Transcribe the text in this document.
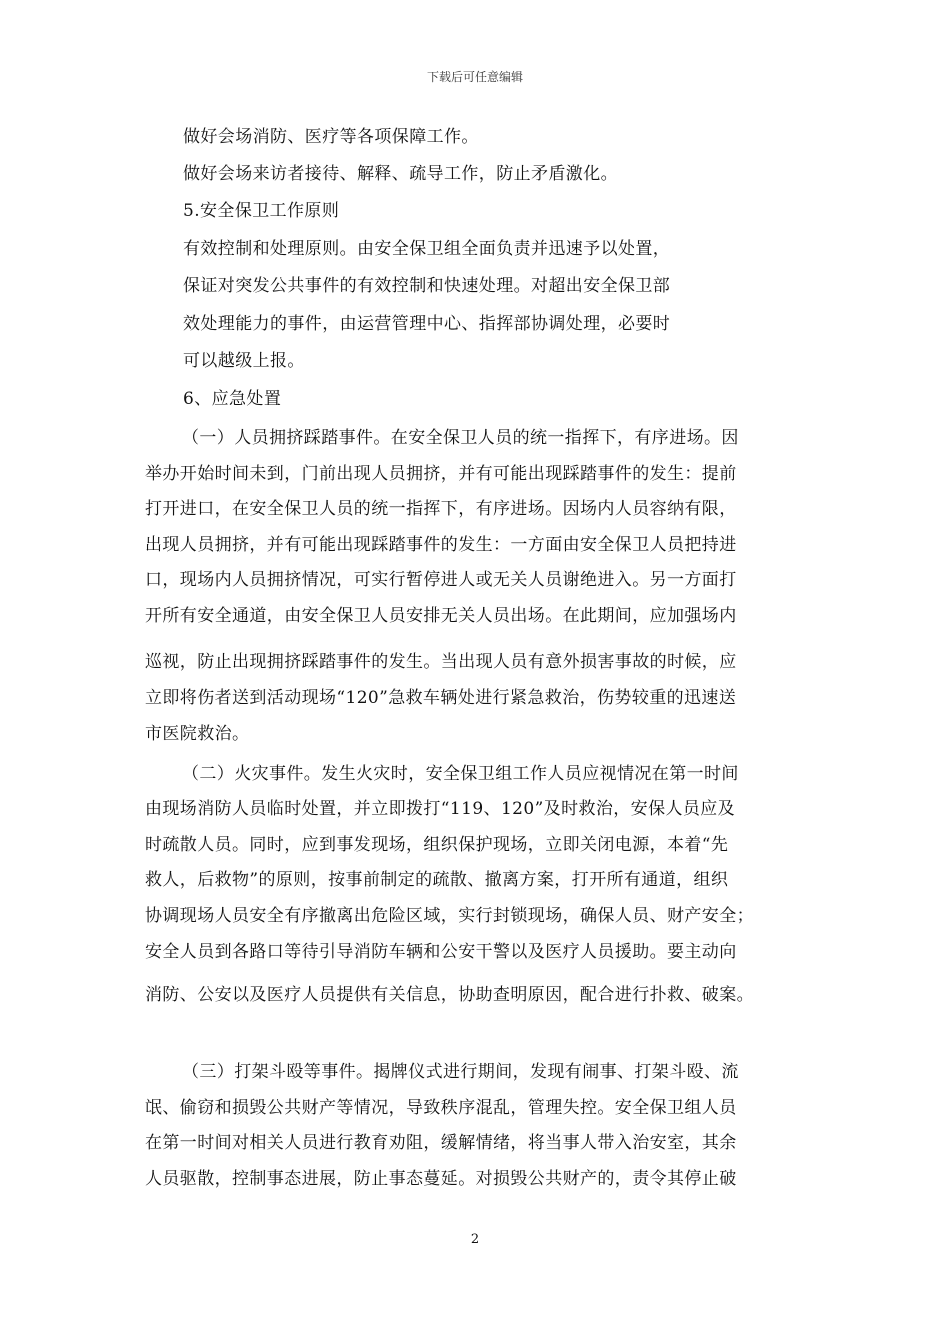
下载后可任意编辑
做好会场消防、医疗等各项保障工作。
做好会场来访者接待、解释、疏导工作，防止矛盾激化。
5.安全保卫工作原则
有效控制和处理原则。由安全保卫组全面负责并迅速予以处置，
保证对突发公共事件的有效控制和快速处理。对超出安全保卫部
效处理能力的事件，由运营管理中心、指挥部协调处理，必要时
可以越级上报。
6、应急处置
（一）人员拥挤踩踏事件。在安全保卫人员的统一指挥下，有序进场。因
举办开始时间未到，门前出现人员拥挤，并有可能出现踩踏事件的发生：提前
打开进口，在安全保卫人员的统一指挥下，有序进场。因场内人员容纳有限，
出现人员拥挤，并有可能出现踩踏事件的发生：一方面由安全保卫人员把持进
口，现场内人员拥挤情况，可实行暂停进人或无关人员谢绝进入。另一方面打
开所有安全通道，由安全保卫人员安排无关人员出场。在此期间，应加强场内
巡视，防止出现拥挤踩踏事件的发生。当出现人员有意外损害事故的时候，应
立即将伤者送到活动现场“120”急救车辆处进行紧急救治，伤势较重的迅速送
市医院救治。
（二）火灾事件。发生火灾时，安全保卫组工作人员应视情况在第一时间
由现场消防人员临时处置，并立即拨打“119、120”及时救治，安保人员应及
时疏散人员。同时，应到事发现场，组织保护现场，立即关闭电源，本着“先
救人，后救物”的原则，按事前制定的疏散、撤离方案，打开所有通道，组织
协调现场人员安全有序撤离出危险区域，实行封锁现场，确保人员、财产安全；
安全人员到各路口等待引导消防车辆和公安干警以及医疗人员援助。要主动向
消防、公安以及医疗人员提供有关信息，协助查明原因，配合进行扑救、破案。
（三）打架斗殴等事件。揭牌仪式进行期间，发现有闹事、打架斗殴、流
氓、偷窃和损毁公共财产等情况，导致秩序混乱，管理失控。安全保卫组人员
在第一时间对相关人员进行教育劝阻，缓解情绪，将当事人带入治安室，其余
人员驱散，控制事态进展，防止事态蔓延。对损毁公共财产的，责令其停止破
2
